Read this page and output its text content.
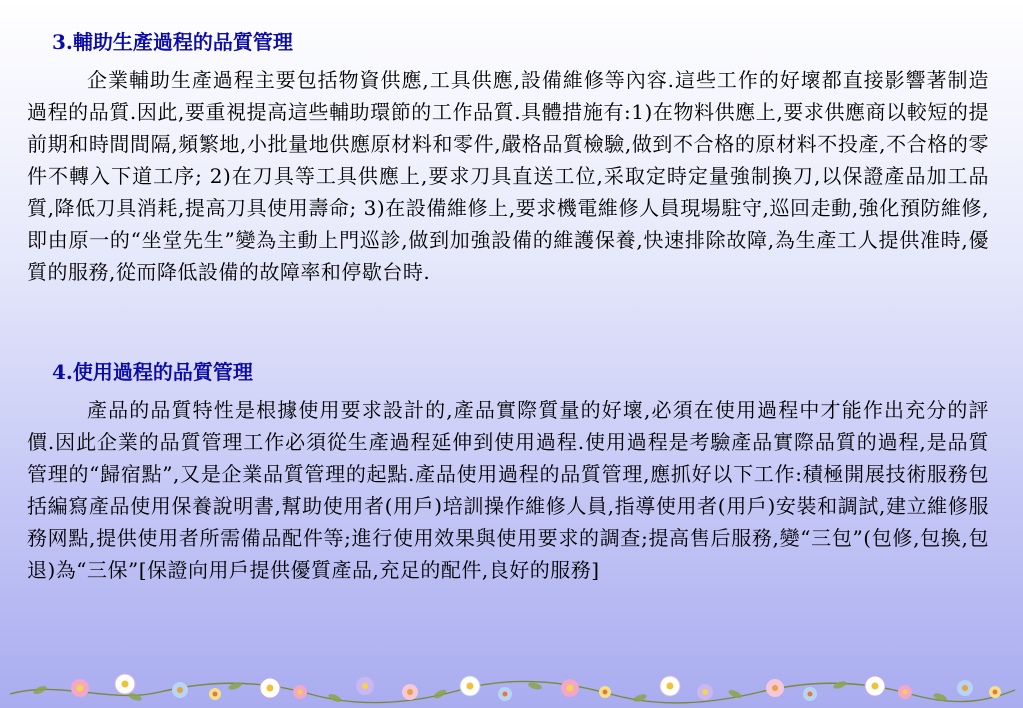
3.輔助生產過程的品質管理

企業輔助生產過程主要包括物資供應,工具供應,設備維修等內容.這些工作的好壞都直接影響著制造過程的品質.因此,要重視提高這些輔助環節的工作品質.具體措施有:1)在物料供應上,要求供應商以較短的提前期和時間間隔,頻繁地,小批量地供應原材料和零件,嚴格品質檢驗,做到不合格的原材料不投產,不合格的零件不轉入下道工序; 2)在刀具等工具供應上,要求刀具直送工位,采取定時定量強制換刀,以保證產品加工品質,降低刀具消耗,提高刀具使用壽命; 3)在設備維修上,要求機電維修人員現場駐守,巡回走動,強化預防維修,即由原一的“坐堂先生”變為主動上門巡診,做到加強設備的維護保養,快速排除故障,為生產工人提供准時,優質的服務,從而降低設備的故障率和停歇台時.

4.使用過程的品質管理

產品的品質特性是根據使用要求設計的,產品實際質量的好壞,必須在使用過程中才能作出充分的評價.因此企業的品質管理工作必須從生產過程延伸到使用過程.使用過程是考驗產品實際品質的過程,是品質管理的“歸宿點”,又是企業品質管理的起點.產品使用過程的品質管理,應抓好以下工作:積極開展技術服務包括編寫產品使用保養說明書,幫助使用者(用戶)培訓操作維修人員,指導使用者(用戶)安裝和調試,建立維修服務网點,提供使用者所需備品配件等;進行使用效果與使用要求的調查;提高售后服務,變“三包”(包修,包換,包退)為“三保”[保證向用戶提供優質產品,充足的配件,良好的服務]
